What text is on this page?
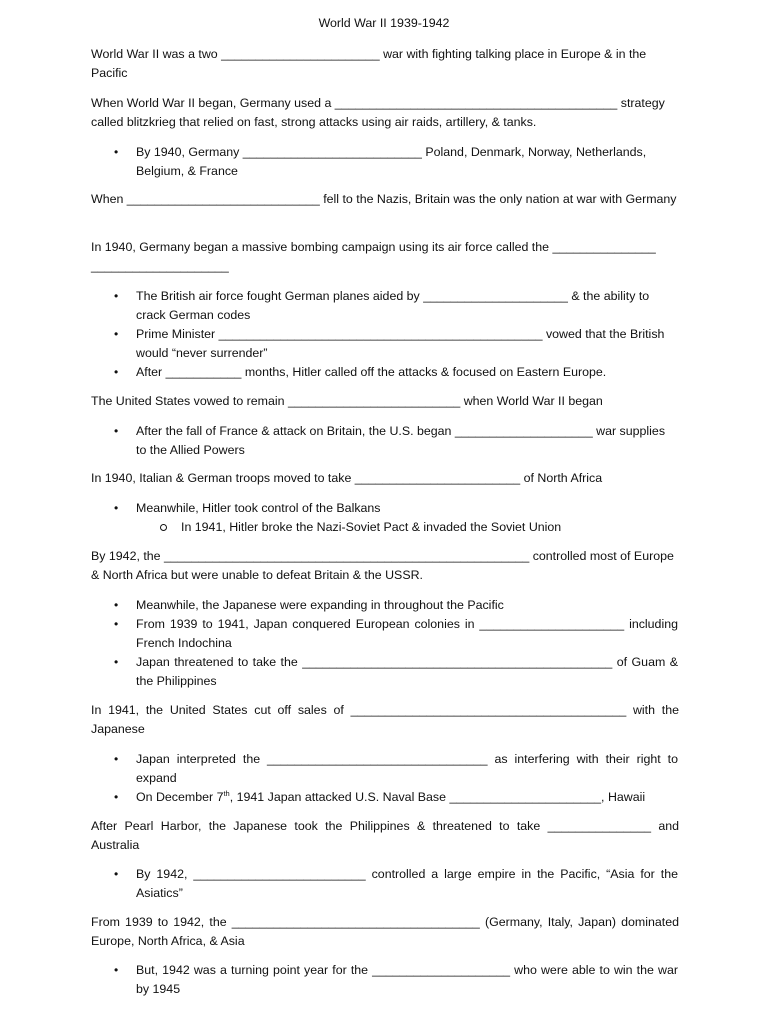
World War II 1939-1942
World War II was a two _______________________ war with fighting talking place in Europe & in the Pacific
When World War II began, Germany used a _________________________________________ strategy called blitzkrieg that relied on fast, strong attacks using air raids, artillery, & tanks.
• By 1940, Germany __________________________ Poland, Denmark, Norway, Netherlands, Belgium, & France
When ____________________________ fell to the Nazis, Britain was the only nation at war with Germany
In 1940, Germany began a massive bombing campaign using its air force called the _______________ ____________________
• The British air force fought German planes aided by _____________________ & the ability to crack German codes
• Prime Minister _______________________________________________ vowed that the British would “never surrender”
• After ___________ months, Hitler called off the attacks & focused on Eastern Europe.
The United States vowed to remain _________________________ when World War II began
• After the fall of France & attack on Britain, the U.S. began ____________________ war supplies to the Allied Powers
In 1940, Italian & German troops moved to take ________________________ of North Africa
• Meanwhile, Hitler took control of the Balkans
In 1941, Hitler broke the Nazi-Soviet Pact & invaded the Soviet Union
By 1942, the _____________________________________________________ controlled most of Europe & North Africa but were unable to defeat Britain & the USSR.
• Meanwhile, the Japanese were expanding in throughout the Pacific
• From 1939 to 1941, Japan conquered European colonies in _____________________ including French Indochina
• Japan threatened to take the _____________________________________________ of Guam & the Philippines
In 1941, the United States cut off sales of ________________________________________ with the Japanese
• Japan interpreted the ________________________________ as interfering with their right to expand
• On December 7th, 1941 Japan attacked U.S. Naval Base ______________________, Hawaii
After Pearl Harbor, the Japanese took the Philippines & threatened to take _______________ and Australia
• By 1942, _________________________ controlled a large empire in the Pacific, “Asia for the Asiatics”
From 1939 to 1942, the ____________________________________ (Germany, Italy, Japan) dominated Europe, North Africa, & Asia
• But, 1942 was a turning point year for the ____________________ who were able to win the war by 1945
